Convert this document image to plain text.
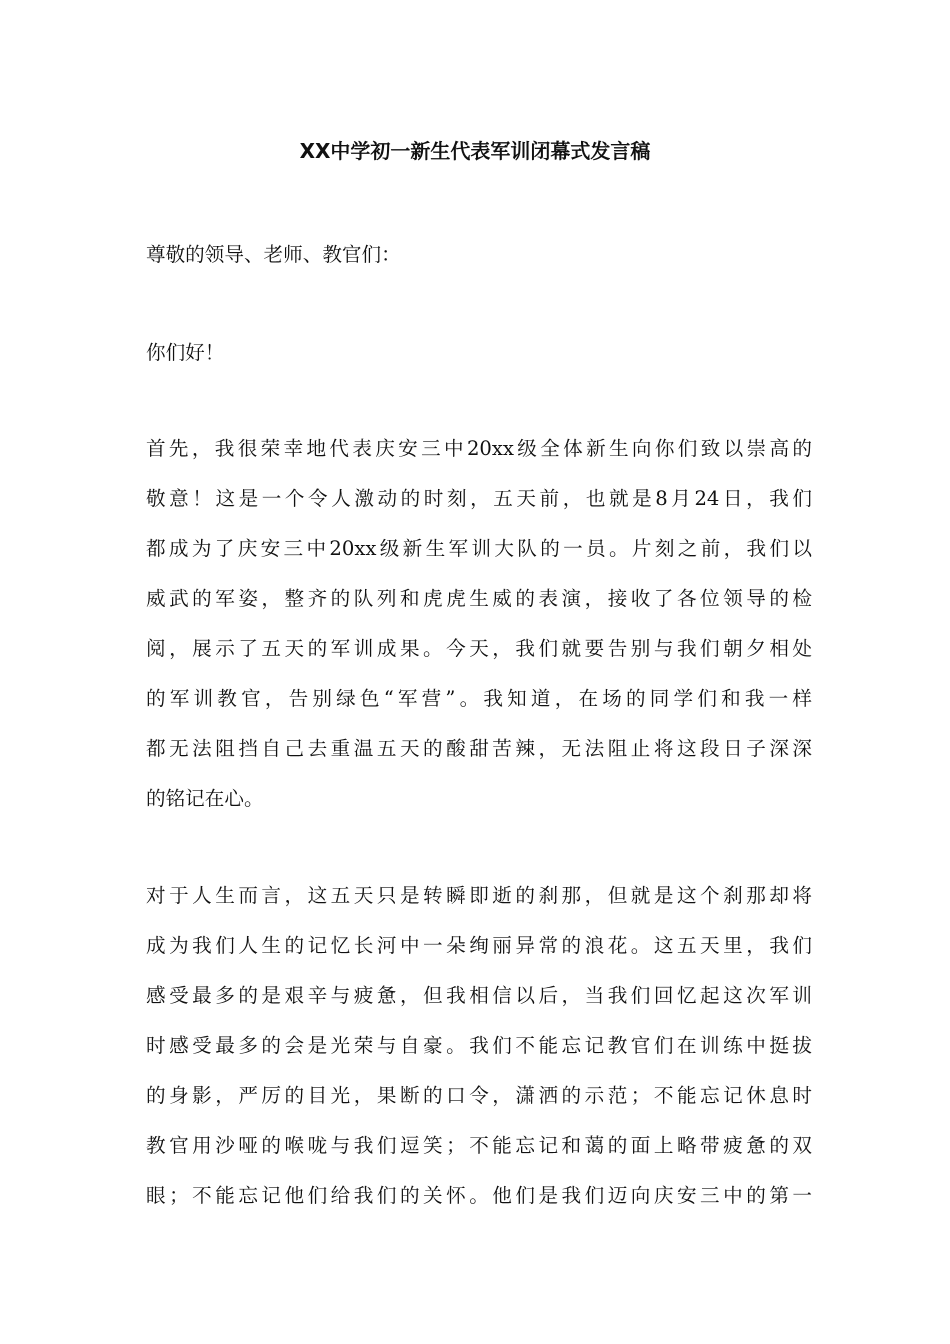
XX中学初一新生代表军训闭幕式发言稿

尊敬的领导、老师、教官们：

你们好！

首先，我很荣幸地代表庆安三中20xx级全体新生向你们致以崇高的
敬意！这是一个令人激动的时刻，五天前，也就是8月24日，我们
都成为了庆安三中20xx级新生军训大队的一员。片刻之前，我们以
威武的军姿，整齐的队列和虎虎生威的表演，接收了各位领导的检
阅，展示了五天的军训成果。今天，我们就要告别与我们朝夕相处
的军训教官，告别绿色“军营”。我知道，在场的同学们和我一样
都无法阻挡自己去重温五天的酸甜苦辣，无法阻止将这段日子深深
的铭记在心。

对于人生而言，这五天只是转瞬即逝的刹那，但就是这个刹那却将
成为我们人生的记忆长河中一朵绚丽异常的浪花。这五天里，我们
感受最多的是艰辛与疲惫，但我相信以后，当我们回忆起这次军训
时感受最多的会是光荣与自豪。我们不能忘记教官们在训练中挺拔
的身影，严厉的目光，果断的口令，潇洒的示范；不能忘记休息时
教官用沙哑的喉咙与我们逗笑；不能忘记和蔼的面上略带疲惫的双
眼；不能忘记他们给我们的关怀。他们是我们迈向庆安三中的第一
